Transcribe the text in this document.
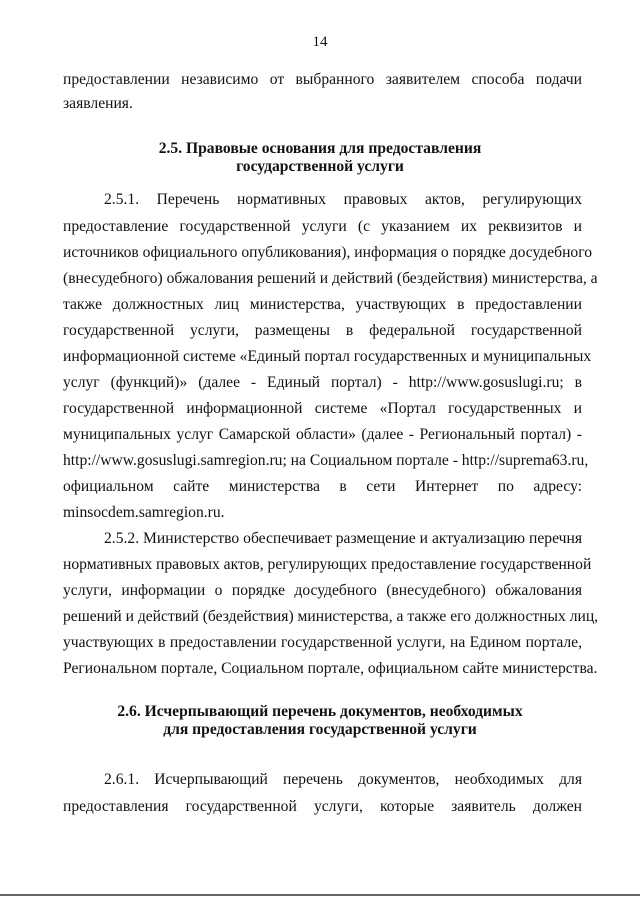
14
предоставлении независимо от выбранного заявителем способа подачи
заявления.
2.5. Правовые основания для предоставления
государственной услуги
2.5.1. Перечень нормативных правовых актов, регулирующих
предоставление государственной услуги (с указанием их реквизитов и
источников официального опубликования), информация о порядке досудебного
(внесудебного) обжалования решений и действий (бездействия) министерства, а
также должностных лиц министерства, участвующих в предоставлении
государственной услуги, размещены в федеральной государственной
информационной системе «Единый портал государственных и муниципальных
услуг (функций)» (далее - Единый портал) - http://www.gosuslugi.ru; в
государственной информационной системе «Портал государственных и
муниципальных услуг Самарской области» (далее - Региональный портал) -
http://www.gosuslugi.samregion.ru; на Социальном портале - http://suprema63.ru,
официальном сайте министерства в сети Интернет по адресу:
minsocdem.samregion.ru.
2.5.2. Министерство обеспечивает размещение и актуализацию перечня
нормативных правовых актов, регулирующих предоставление государственной
услуги, информации о порядке досудебного (внесудебного) обжалования
решений и действий (бездействия) министерства, а также его должностных лиц,
участвующих в предоставлении государственной услуги, на Едином портале,
Региональном портале, Социальном портале, официальном сайте министерства.
2.6. Исчерпывающий перечень документов, необходимых
для предоставления государственной услуги
2.6.1. Исчерпывающий перечень документов, необходимых для
предоставления государственной услуги, которые заявитель должен
